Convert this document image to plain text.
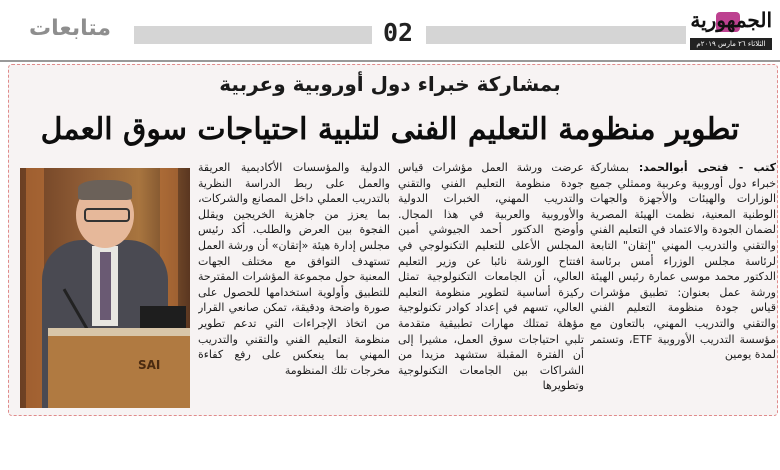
الجمهورية
الثلاثاء ٢٦ مارس ٢٠١٩م
02
متابعات
بمشاركة خبراء دول أوروبية وعربية
تطوير منظومة التعليم الفنى لتلبية احتياجات سوق العمل
كتب - فتحى أبوالحمد: بمشاركة خبراء دول أوروبية وعربية وممثلي جميع الوزارات والهيئات والأجهزة والجهات الوطنية المعنية، نظمت الهيئة المصرية لضمان الجودة والاعتماد في التعليم الفني والتقني والتدريب المهني "إتقان" التابعة لرئاسة مجلس الوزراء أمس برئاسة الدكتور محمد موسى عمارة رئيس الهيئة ورشة عمل بعنوان: تطبيق مؤشرات قياس جودة منظومة التعليم الفني والتقني والتدريب المهني، بالتعاون مع مؤسسة التدريب الأوروبية ETF، وتستمر لمدة يومين
عرضت ورشة العمل مؤشرات قياس جودة منظومة التعليم الفني والتقني والتدريب المهني، الخبرات الدولية والأوروبية والعربية في هذا المجال. وأوضح الدكتور أحمد الجيوشي أمين المجلس الأعلى للتعليم التكنولوجي في افتتاح الورشة نائبا عن وزير التعليم العالي، أن الجامعات التكنولوجية تمثل ركيزة أساسية لتطوير منظومة التعليم العالي، تسهم في إعداد كوادر تكنولوجية مؤهلة تمتلك مهارات تطبيقية متقدمة تلبي احتياجات سوق العمل، مشيرا إلى أن الفترة المقبلة ستشهد مزيدا من الشراكات بين الجامعات التكنولوجية وتطويرها
الدولية والمؤسسات الأكاديمية العريقة والعمل على ربط الدراسة النظرية بالتدريب العملي داخل المصانع والشركات، بما يعزز من جاهزية الخريجين ويقلل الفجوة بين العرض والطلب. أكد رئيس مجلس إدارة هيئة «إتقان» أن ورشة العمل تستهدف التوافق مع مختلف الجهات المعنية حول مجموعة المؤشرات المقترحة للتطبيق وأولوية استخدامها للحصول على صورة واضحة ودقيقة، تمكن صانعي القرار من اتخاذ الإجراءات التي تدعم تطوير منظومة التعليم الفني والتقني والتدريب المهني بما ينعكس على رفع كفاءة مخرجات تلك المنظومة
SAI
